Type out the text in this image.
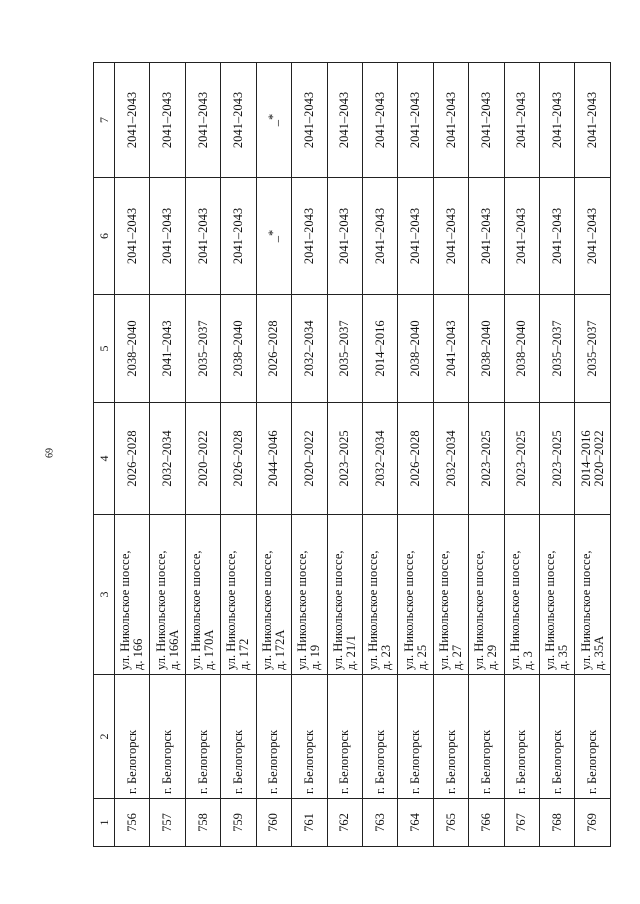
69
1	2	3	4	5	6	7
756	г. Белогорск	ул. Никольское шоссе, д. 166	2026–2028	2038–2040	2041–2043	2041–2043
757	г. Белогорск	ул. Никольское шоссе, д. 166А	2032–2034	2041–2043	2041–2043	2041–2043
758	г. Белогорск	ул. Никольское шоссе, д. 170А	2020–2022	2035–2037	2041–2043	2041–2043
759	г. Белогорск	ул. Никольское шоссе, д. 172	2026–2028	2038–2040	2041–2043	2041–2043
760	г. Белогорск	ул. Никольское шоссе, д. 172А	2044–2046	2026–2028	_*	_*
761	г. Белогорск	ул. Никольское шоссе, д. 19	2020–2022	2032–2034	2041–2043	2041–2043
762	г. Белогорск	ул. Никольское шоссе, д. 21/1	2023–2025	2035–2037	2041–2043	2041–2043
763	г. Белогорск	ул. Никольское шоссе, д. 23	2032–2034	2014–2016	2041–2043	2041–2043
764	г. Белогорск	ул. Никольское шоссе, д. 25	2026–2028	2038–2040	2041–2043	2041–2043
765	г. Белогорск	ул. Никольское шоссе, д. 27	2032–2034	2041–2043	2041–2043	2041–2043
766	г. Белогорск	ул. Никольское шоссе, д. 29	2023–2025	2038–2040	2041–2043	2041–2043
767	г. Белогорск	ул. Никольское шоссе, д. 3	2023–2025	2038–2040	2041–2043	2041–2043
768	г. Белогорск	ул. Никольское шоссе, д. 35	2023–2025	2035–2037	2041–2043	2041–2043
769	г. Белогорск	ул. Никольское шоссе, д. 35А	2014–2016 2020–2022	2035–2037	2041–2043	2041–2043
